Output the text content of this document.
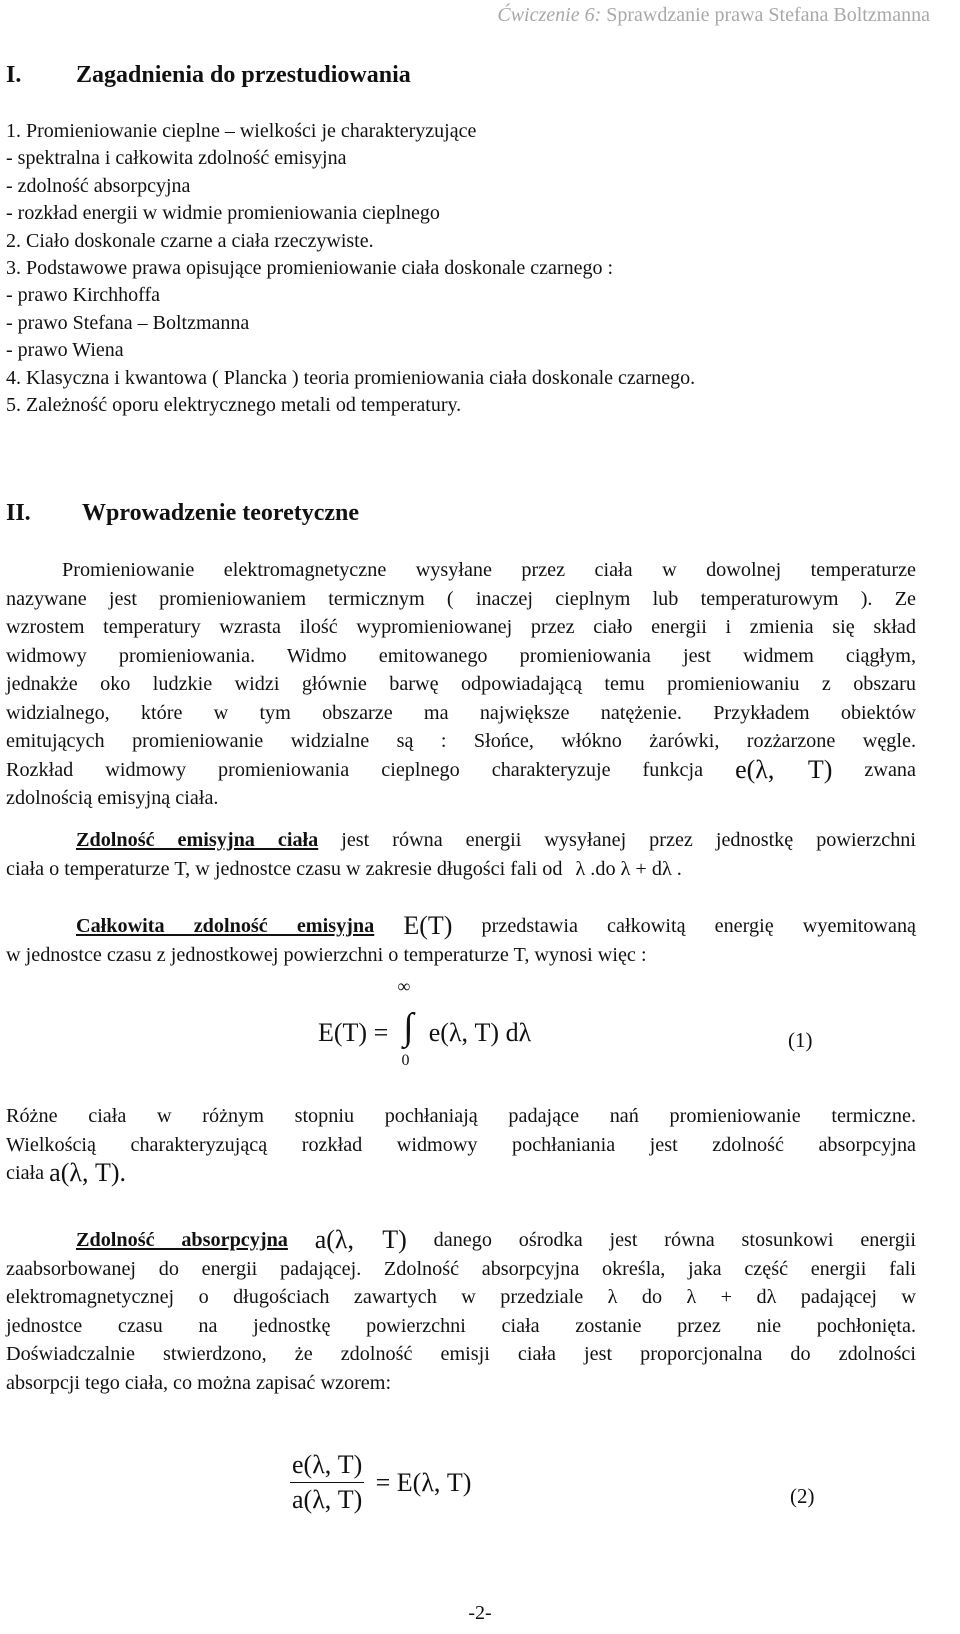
Ćwiczenie 6: Sprawdzanie prawa Stefana Boltzmanna
I. Zagadnienia do przestudiowania
1. Promieniowanie cieplne – wielkości je charakteryzujące
- spektralna i całkowita zdolność emisyjna
- zdolność absorpcyjna
- rozkład energii w widmie promieniowania cieplnego
2. Ciało doskonale czarne a ciała rzeczywiste.
3. Podstawowe prawa opisujące promieniowanie ciała doskonale czarnego :
- prawo Kirchhoffa
- prawo Stefana – Boltzmanna
- prawo Wiena
4. Klasyczna i kwantowa ( Plancka ) teoria promieniowania ciała doskonale czarnego.
5. Zależność oporu elektrycznego metali od temperatury.
II. Wprowadzenie teoretyczne
Promieniowanie elektromagnetyczne wysyłane przez ciała w dowolnej temperaturze
nazywane jest promieniowaniem termicznym ( inaczej cieplnym lub temperaturowym ). Ze
wzrostem temperatury wzrasta ilość wypromieniowanej przez ciało energii i zmienia się skład
widmowy promieniowania. Widmo emitowanego promieniowania jest widmem ciągłym,
jednakże oko ludzkie widzi głównie barwę odpowiadającą temu promieniowaniu z obszaru
widzialnego, które w tym obszarze ma największe natężenie. Przykładem obiektów
emitujących promieniowanie widzialne są : Słońce, włókno żarówki, rozżarzone węgle.
Rozkład widmowy promieniowania cieplnego charakteryzuje funkcja e(λ, T) zwana
zdolnością emisyjną ciała.
Zdolność emisyjna ciała jest równa energii wysyłanej przez jednostkę powierzchni
ciała o temperaturze T, w jednostce czasu w zakresie długości fali od λ .do λ + dλ .
Całkowita zdolność emisyjna E(T) przedstawia całkowitą energię wyemitowaną
w jednostce czasu z jednostkowej powierzchni o temperaturze T, wynosi więc :
E(T) =
∞
∫
0
e(λ, T) dλ	(1)
Różne ciała w różnym stopniu pochłaniają padające nań promieniowanie termiczne.
Wielkością charakteryzującą rozkład widmowy pochłaniania jest zdolność absorpcyjna
ciała a(λ, T).
Zdolność absorpcyjna a(λ, T) danego ośrodka jest równa stosunkowi energii
zaabsorbowanej do energii padającej. Zdolność absorpcyjna określa, jaka część energii fali
elektromagnetycznej o długościach zawartych w przedziale λ do λ + dλ padającej w
jednostce czasu na jednostkę powierzchni ciała zostanie przez nie pochłonięta.
Doświadczalnie stwierdzono, że zdolność emisji ciała jest proporcjonalna do zdolności
absorpcji tego ciała, co można zapisać wzorem:
$\frac{e(\lambda, T)}{a(\lambda, T)} = E(\lambda$, T)	(2)
-2-
